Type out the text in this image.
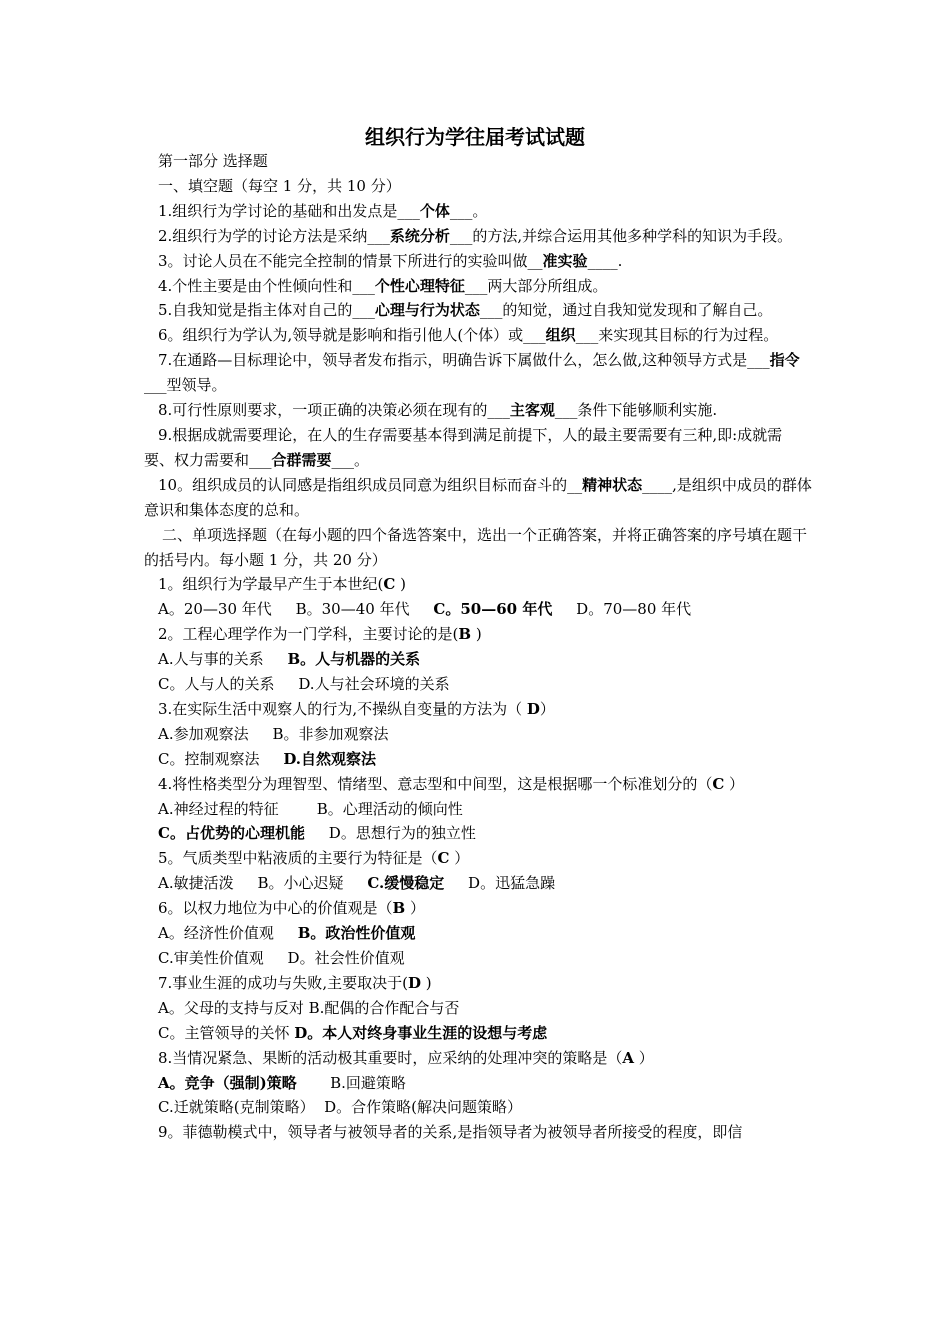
组织行为学往届考试试题

第一部分 选择题

一、填空题（每空 1 分，共 10 分）

1.组织行为学讨论的基础和出发点是___个体___。

2.组织行为学的讨论方法是采纳___系统分析___的方法,并综合运用其他多种学科的知识为手段。

3。讨论人员在不能完全控制的情景下所进行的实验叫做__准实验____.

4.个性主要是由个性倾向性和___个性心理特征___两大部分所组成。

5.自我知觉是指主体对自己的___心理与行为状态___的知觉，通过自我知觉发现和了解自己。

6。组织行为学认为,领导就是影响和指引他人(个体）或___组织___来实现其目标的行为过程。

7.在通路—目标理论中，领导者发布指示，明确告诉下属做什么，怎么做,这种领导方式是___指令___型领导。

8.可行性原则要求，一项正确的决策必须在现有的___主客观___条件下能够顺利实施.

9.根据成就需要理论，在人的生存需要基本得到满足前提下，人的最主要需要有三种,即:成就需要、权力需要和___合群需要___。

10。组织成员的认同感是指组织成员同意为组织目标而奋斗的__精神状态____,是组织中成员的群体意识和集体态度的总和。

二、单项选择题（在每小题的四个备选答案中，选出一个正确答案，并将正确答案的序号填在题干的括号内。每小题 1 分，共 20 分）

1。组织行为学最早产生于本世纪(C )

A。20—30 年代     B。30—40 年代     C。50—60 年代     D。70—80 年代

2。工程心理学作为一门学科，主要讨论的是(B )

A.人与事的关系     B。人与机器的关系

C。人与人的关系     D.人与社会环境的关系

3.在实际生活中观察人的行为,不操纵自变量的方法为（ D）

A.参加观察法     B。非参加观察法

C。控制观察法     D.自然观察法

4.将性格类型分为理智型、情绪型、意志型和中间型，这是根据哪一个标准划分的（C ）

A.神经过程的特征        B。心理活动的倾向性

C。占优势的心理机能     D。思想行为的独立性

5。气质类型中粘液质的主要行为特征是（C ）

A.敏捷活泼     B。小心迟疑     C.缓慢稳定     D。迅猛急躁

6。以权力地位为中心的价值观是（B ）

A。经济性价值观     B。政治性价值观

C.审美性价值观     D。社会性价值观

7.事业生涯的成功与失败,主要取决于(D )

A。父母的支持与反对 B.配偶的合作配合与否

C。主管领导的关怀 D。本人对终身事业生涯的设想与考虑

8.当情况紧急、果断的活动极其重要时，应采纳的处理冲突的策略是（A ）

A。竞争（强制)策略       B.回避策略

C.迁就策略(克制策略）  D。合作策略(解决问题策略）

9。菲德勒模式中，领导者与被领导者的关系,是指领导者为被领导者所接受的程度，即信
